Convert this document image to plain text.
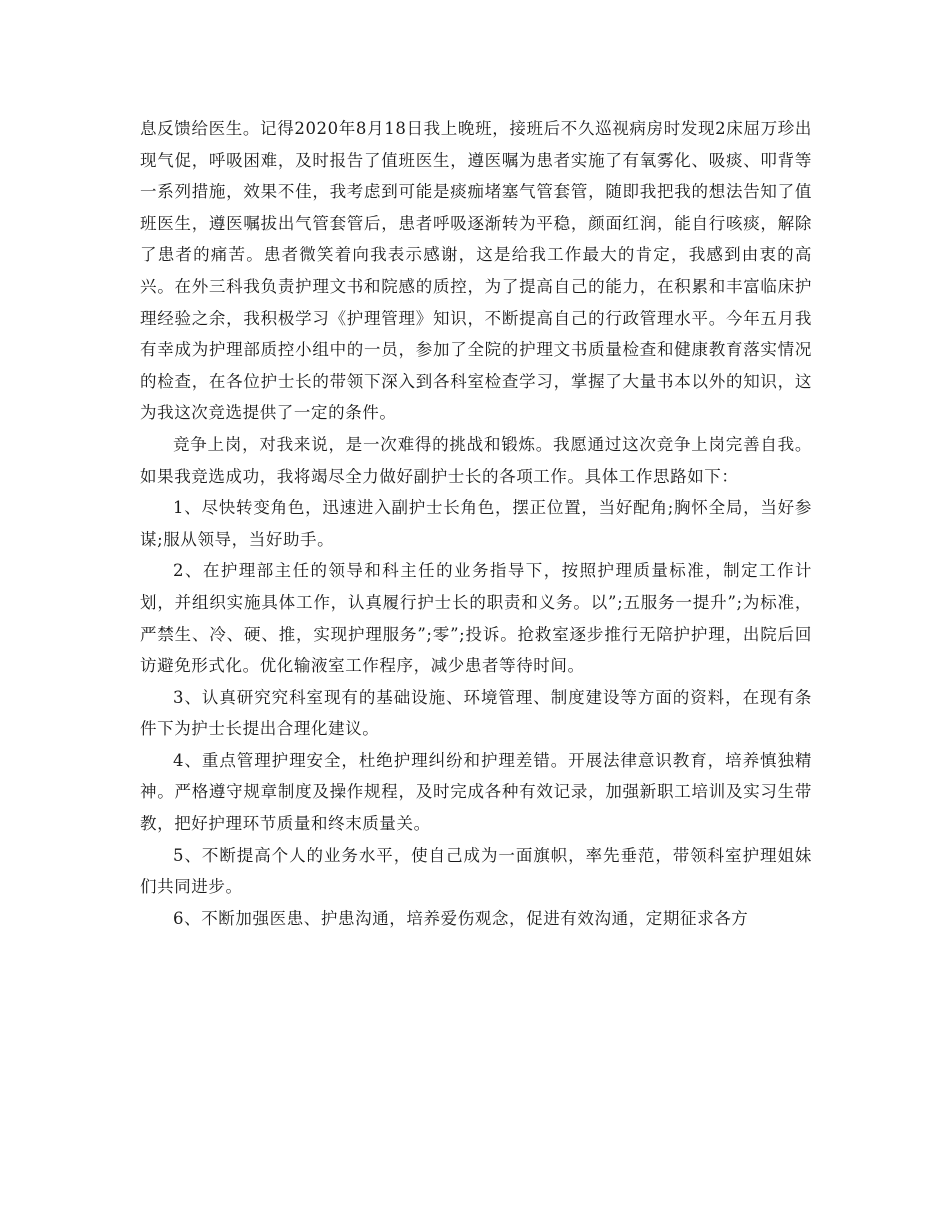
息反馈给医生。记得2020年8月18日我上晚班，接班后不久巡视病房时发现2床屈万珍出现气促，呼吸困难，及时报告了值班医生，遵医嘱为患者实施了有氧雾化、吸痰、叩背等一系列措施，效果不佳，我考虑到可能是痰痂堵塞气管套管，随即我把我的想法告知了值班医生，遵医嘱拔出气管套管后，患者呼吸逐渐转为平稳，颜面红润，能自行咳痰，解除了患者的痛苦。患者微笑着向我表示感谢，这是给我工作最大的肯定，我感到由衷的高兴。在外三科我负责护理文书和院感的质控，为了提高自己的能力，在积累和丰富临床护理经验之余，我积极学习《护理管理》知识，不断提高自己的行政管理水平。今年五月我有幸成为护理部质控小组中的一员，参加了全院的护理文书质量检查和健康教育落实情况的检查，在各位护士长的带领下深入到各科室检查学习，掌握了大量书本以外的知识，这为我这次竞选提供了一定的条件。

竞争上岗，对我来说，是一次难得的挑战和锻炼。我愿通过这次竞争上岗完善自我。如果我竞选成功，我将竭尽全力做好副护士长的各项工作。具体工作思路如下：

1、尽快转变角色，迅速进入副护士长角色，摆正位置，当好配角;胸怀全局，当好参谋;服从领导，当好助手。

2、在护理部主任的领导和科主任的业务指导下，按照护理质量标准，制定工作计划，并组织实施具体工作，认真履行护士长的职责和义务。以”;五服务一提升”;为标准，严禁生、冷、硬、推，实现护理服务”;零”;投诉。抢救室逐步推行无陪护护理，出院后回访避免形式化。优化输液室工作程序，减少患者等待时间。

3、认真研究究科室现有的基础设施、环境管理、制度建设等方面的资料，在现有条件下为护士长提出合理化建议。

4、重点管理护理安全，杜绝护理纠纷和护理差错。开展法律意识教育，培养慎独精神。严格遵守规章制度及操作规程，及时完成各种有效记录，加强新职工培训及实习生带教，把好护理环节质量和终末质量关。

5、不断提高个人的业务水平，使自己成为一面旗帜，率先垂范，带领科室护理姐妹们共同进步。

6、不断加强医患、护患沟通，培养爱伤观念，促进有效沟通，定期征求各方
